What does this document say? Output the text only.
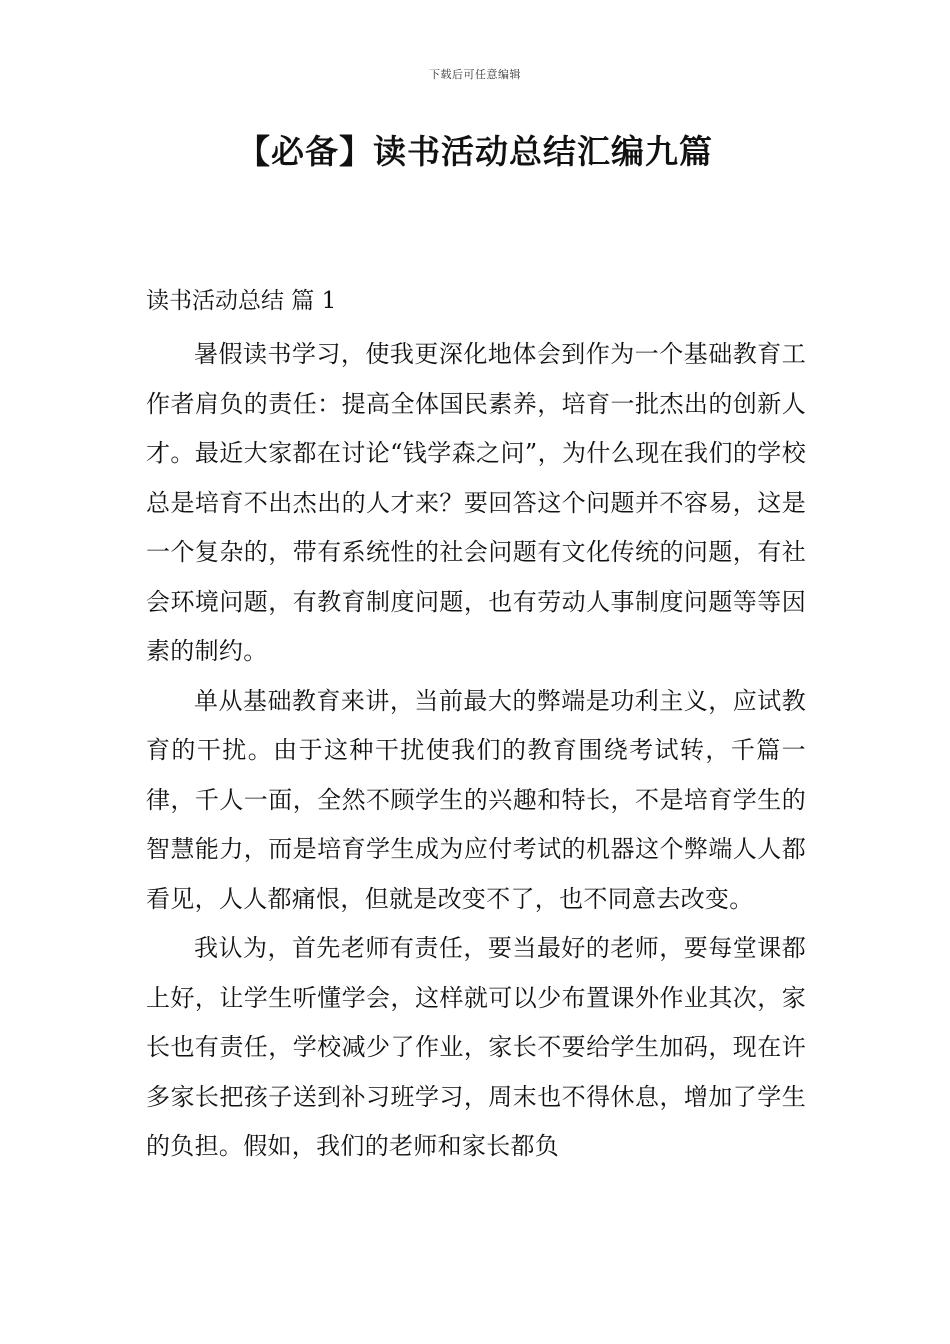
下载后可任意编辑
【必备】读书活动总结汇编九篇
读书活动总结 篇 1

暑假读书学习，使我更深化地体会到作为一个基础教育工作者肩负的责任：提高全体国民素养，培育一批杰出的创新人才。最近大家都在讨论“钱学森之问”，为什么现在我们的学校总是培育不出杰出的人才来？要回答这个问题并不容易，这是一个复杂的，带有系统性的社会问题有文化传统的问题，有社会环境问题，有教育制度问题，也有劳动人事制度问题等等因素的制约。

单从基础教育来讲，当前最大的弊端是功利主义，应试教育的干扰。由于这种干扰使我们的教育围绕考试转，千篇一律，千人一面，全然不顾学生的兴趣和特长，不是培育学生的智慧能力，而是培育学生成为应付考试的机器这个弊端人人都看见，人人都痛恨，但就是改变不了，也不同意去改变。

我认为，首先老师有责任，要当最好的老师，要每堂课都上好，让学生听懂学会，这样就可以少布置课外作业其次，家长也有责任，学校减少了作业，家长不要给学生加码，现在许多家长把孩子送到补习班学习，周末也不得休息，增加了学生的负担。假如，我们的老师和家长都负
